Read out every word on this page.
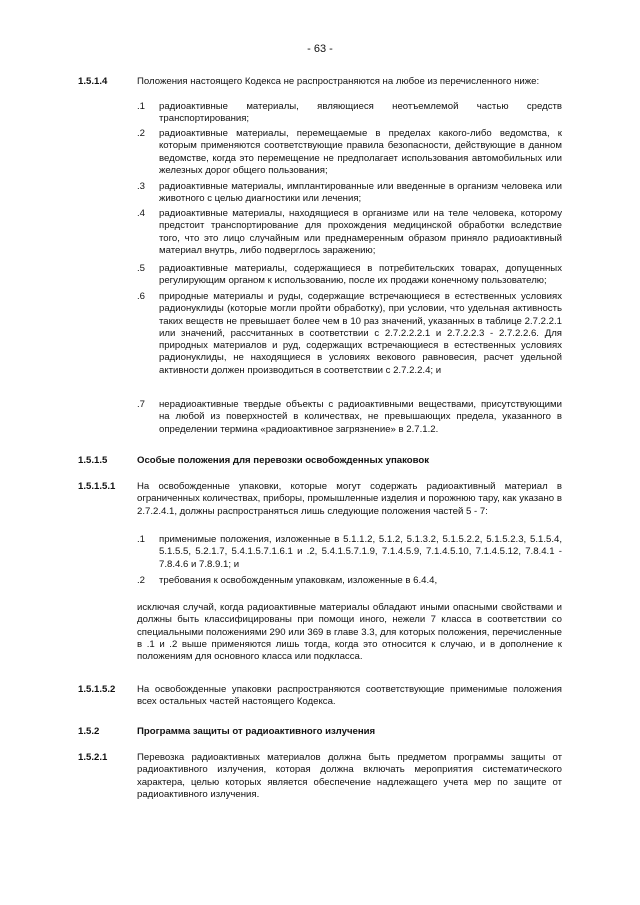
- 63 -
1.5.1.4	Положения настоящего Кодекса не распространяются на любое из перечисленного ниже:
.1	радиоактивные материалы, являющиеся неотъемлемой частью средств транспортирования;
.2	радиоактивные материалы, перемещаемые в пределах какого-либо ведомства, к которым применяются соответствующие правила безопасности, действующие в данном ведомстве, когда это перемещение не предполагает использования автомобильных или железных дорог общего пользования;
.3	радиоактивные материалы, имплантированные или введенные в организм человека или животного с целью диагностики или лечения;
.4	радиоактивные материалы, находящиеся в организме или на теле человека, которому предстоит транспортирование для прохождения медицинской обработки вследствие того, что это лицо случайным или преднамеренным образом приняло радиоактивный материал внутрь, либо подверглось заражению;
.5	радиоактивные материалы, содержащиеся в потребительских товарах, допущенных регулирующим органом к использованию, после их продажи конечному пользователю;
.6	природные материалы и руды, содержащие встречающиеся в естественных условиях радионуклиды (которые могли пройти обработку), при условии, что удельная активность таких веществ не превышает более чем в 10 раз значений, указанных в таблице 2.7.2.2.1 или значений, рассчитанных в соответствии с 2.7.2.2.2.1 и 2.7.2.2.3 - 2.7.2.2.6. Для природных материалов и руд, содержащих встречающиеся в естественных условиях радионуклиды, не находящиеся в условиях векового равновесия, расчет удельной активности должен производиться в соответствии с 2.7.2.2.4; и
.7	нерадиоактивные твердые объекты с радиоактивными веществами, присутствующими на любой из поверхностей в количествах, не превышающих предела, указанного в определении термина «радиоактивное загрязнение» в 2.7.1.2.
1.5.1.5	Особые положения для перевозки освобожденных упаковок
1.5.1.5.1	На освобожденные упаковки, которые могут содержать радиоактивный материал в ограниченных количествах, приборы, промышленные изделия и порожнюю тару, как указано в 2.7.2.4.1, должны распространяться лишь следующие положения частей 5 - 7:
.1	применимые положения, изложенные в 5.1.1.2, 5.1.2, 5.1.3.2, 5.1.5.2.2, 5.1.5.2.3, 5.1.5.4, 5.1.5.5, 5.2.1.7, 5.4.1.5.7.1.6.1 и .2, 5.4.1.5.7.1.9, 7.1.4.5.9, 7.1.4.5.10, 7.1.4.5.12, 7.8.4.1 - 7.8.4.6 и 7.8.9.1; и
.2	требования к освобожденным упаковкам, изложенные в 6.4.4,
исключая случай, когда радиоактивные материалы обладают иными опасными свойствами и должны быть классифицированы при помощи иного, нежели 7 класса в соответствии со специальными положениями 290 или 369 в главе 3.3, для которых положения, перечисленные в .1 и .2 выше применяются лишь тогда, когда это относится к случаю, и в дополнение к положениям для основного класса или подкласса.
1.5.1.5.2	На освобожденные упаковки распространяются соответствующие применимые положения всех остальных частей настоящего Кодекса.
1.5.2	Программа защиты от радиоактивного излучения
1.5.2.1	Перевозка радиоактивных материалов должна быть предметом программы защиты от радиоактивного излучения, которая должна включать мероприятия систематического характера, целью которых является обеспечение надлежащего учета мер по защите от радиоактивного излучения.
